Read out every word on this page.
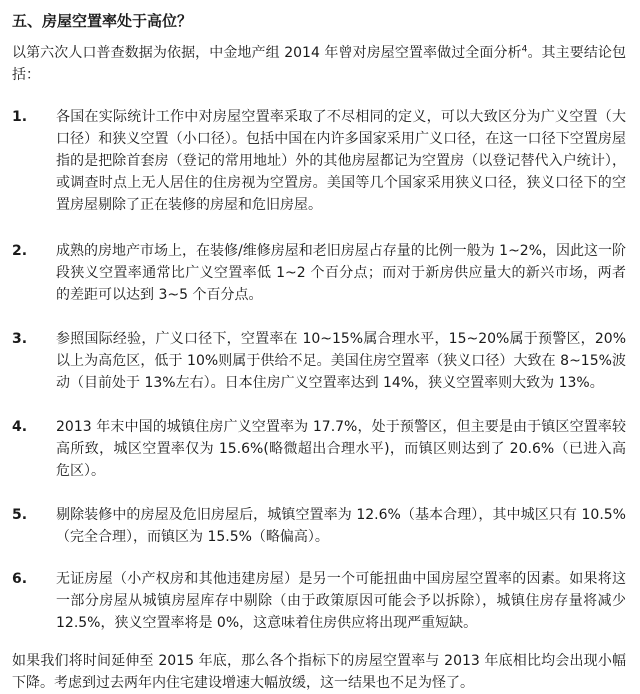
五、房屋空置率处于高位？

以第六次人口普查数据为依据，中金地产组 2014 年曾对房屋空置率做过全面分析$^4$。其主要结论包括：

1.	各国在实际统计工作中对房屋空置率采取了不尽相同的定义，可以大致区分为广义空置（大口径）和狭义空置（小口径）。包括中国在内许多国家采用广义口径，在这一口径下空置房屋指的是把除首套房（登记的常用地址）外的其他房屋都记为空置房（以登记替代入户统计），或调查时点上无人居住的住房视为空置房。美国等几个国家采用狭义口径，狭义口径下的空置房屋剔除了正在装修的房屋和危旧房屋。
2.	成熟的房地产市场上，在装修/维修房屋和老旧房屋占存量的比例一般为 1~2%，因此这一阶段狭义空置率通常比广义空置率低 1~2 个百分点；而对于新房供应量大的新兴市场，两者的差距可以达到 3~5 个百分点。
3.	参照国际经验，广义口径下，空置率在 10~15%属合理水平，15~20%属于预警区，20%以上为高危区，低于 10%则属于供给不足。美国住房空置率（狭义口径）大致在 8~15%波动（目前处于 13%左右）。日本住房广义空置率达到 14%，狭义空置率则大致为 13%。
4.	2013 年末中国的城镇住房广义空置率为 17.7%，处于预警区，但主要是由于镇区空置率较高所致，城区空置率仅为 15.6%(略微超出合理水平)，而镇区则达到了 20.6%（已进入高危区）。
5.	剔除装修中的房屋及危旧房屋后，城镇空置率为 12.6%（基本合理），其中城区只有 10.5%（完全合理），而镇区为 15.5%（略偏高）。
6.	无证房屋（小产权房和其他违建房屋）是另一个可能扭曲中国房屋空置率的因素。如果将这一部分房屋从城镇房屋库存中剔除（由于政策原因可能会予以拆除），城镇住房存量将减少 12.5%，狭义空置率将是 0%，这意味着住房供应将出现严重短缺。

如果我们将时间延伸至 2015 年底，那么各个指标下的房屋空置率与 2013 年底相比均会出现小幅下降。考虑到过去两年内住宅建设增速大幅放缓，这一结果也不足为怪了。
